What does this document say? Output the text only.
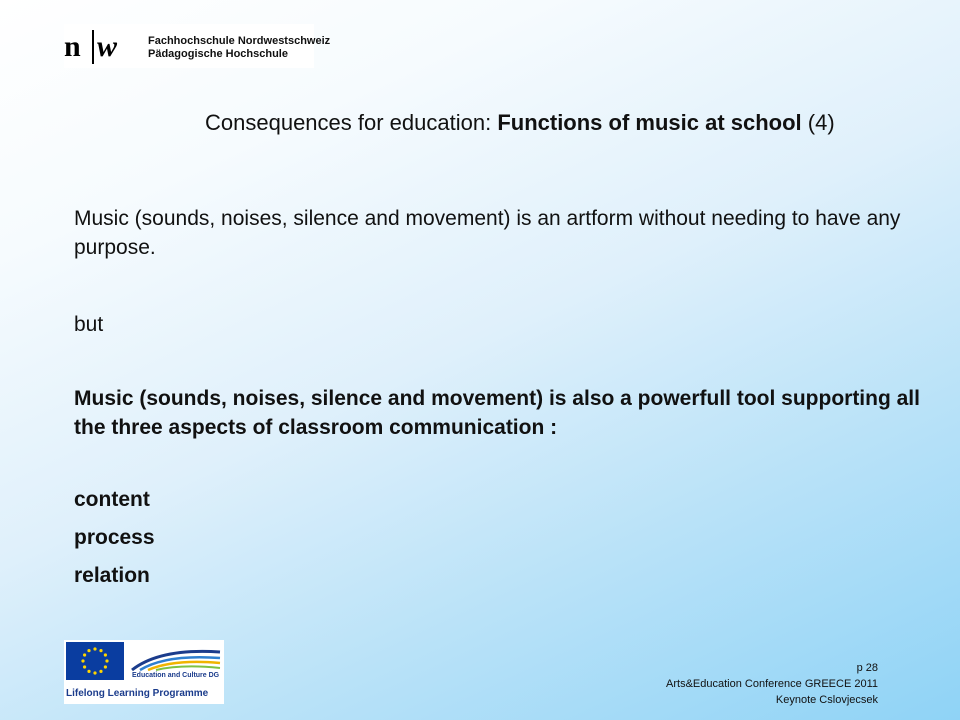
n w	Fachhochschule Nordwestschweiz
Pädagogische Hochschule
Consequences for education: Functions of music at school (4)
Music (sounds, noises, silence and movement) is an artform without needing to have any purpose.
but
Music (sounds, noises, silence and movement) is also a powerfull tool supporting all the three aspects of classroom communication :
content
process
relation
Education and Culture DG
Lifelong Learning Programme
p 28
Arts&Education Conference GREECE 2011
Keynote Cslovjecsek
